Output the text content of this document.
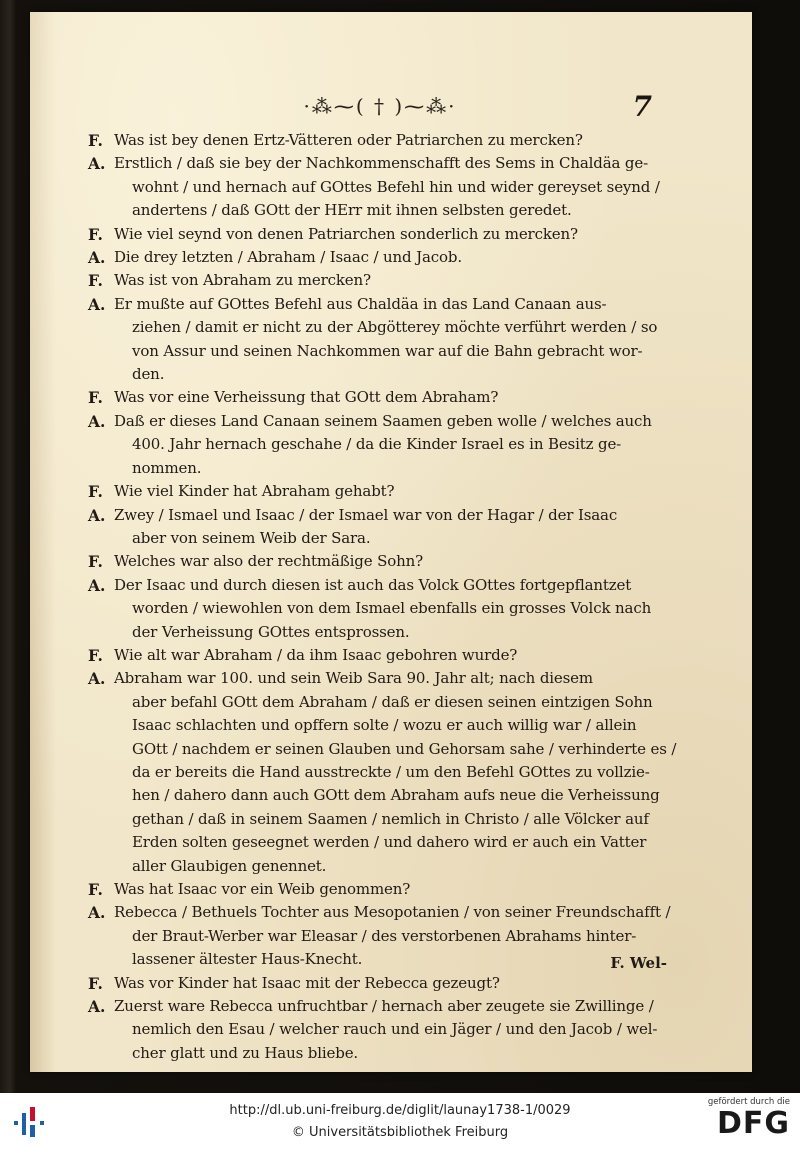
·⁂⁓( † )⁓⁂·	7
F. Was ist bey denen Ertz-Vätteren oder Patriarchen zu mercken?
A. Erstlich / daß sie bey der Nachkommenschafft des Sems in Chaldäa ge-
wohnt / und hernach auf GOttes Befehl hin und wider gereyset seynd /
andertens / daß GOtt der HErr mit ihnen selbsten geredet.
F. Wie viel seynd von denen Patriarchen sonderlich zu mercken?
A. Die drey letzten / Abraham / Isaac / und Jacob.
F. Was ist von Abraham zu mercken?
A. Er mußte auf GOttes Befehl aus Chaldäa in das Land Canaan aus-
ziehen / damit er nicht zu der Abgötterey möchte verführt werden / so
von Assur und seinen Nachkommen war auf die Bahn gebracht wor-
den.
F. Was vor eine Verheissung that GOtt dem Abraham?
A. Daß er dieses Land Canaan seinem Saamen geben wolle / welches auch
400. Jahr hernach geschahe / da die Kinder Israel es in Besitz ge-
nommen.
F. Wie viel Kinder hat Abraham gehabt?
A. Zwey / Ismael und Isaac / der Ismael war von der Hagar / der Isaac
aber von seinem Weib der Sara.
F. Welches war also der rechtmäßige Sohn?
A. Der Isaac und durch diesen ist auch das Volck GOttes fortgepflantzet
worden / wiewohlen von dem Ismael ebenfalls ein grosses Volck nach
der Verheissung GOttes entsprossen.
F. Wie alt war Abraham / da ihm Isaac gebohren wurde?
A. Abraham war 100. und sein Weib Sara 90. Jahr alt; nach diesem
aber befahl GOtt dem Abraham / daß er diesen seinen eintzigen Sohn
Isaac schlachten und opffern solte / wozu er auch willig war / allein
GOtt / nachdem er seinen Glauben und Gehorsam sahe / verhinderte es /
da er bereits die Hand ausstreckte / um den Befehl GOttes zu vollzie-
hen / dahero dann auch GOtt dem Abraham aufs neue die Verheissung
gethan / daß in seinem Saamen / nemlich in Christo / alle Völcker auf
Erden solten geseegnet werden / und dahero wird er auch ein Vatter
aller Glaubigen genennet.
F. Was hat Isaac vor ein Weib genommen?
A. Rebecca / Bethuels Tochter aus Mesopotanien / von seiner Freundschafft /
der Braut-Werber war Eleasar / des verstorbenen Abrahams hinter-
lassener ältester Haus-Knecht.
F. Was vor Kinder hat Isaac mit der Rebecca gezeugt?
A. Zuerst ware Rebecca unfruchtbar / hernach aber zeugete sie Zwillinge /
nemlich den Esau / welcher rauch und ein Jäger / und den Jacob / wel-
cher glatt und zu Haus bliebe.
F. Wel-
http://dl.ub.uni-freiburg.de/diglit/launay1738-1/0029
© Universitätsbibliothek Freiburg
gefördert durch die
DFG
